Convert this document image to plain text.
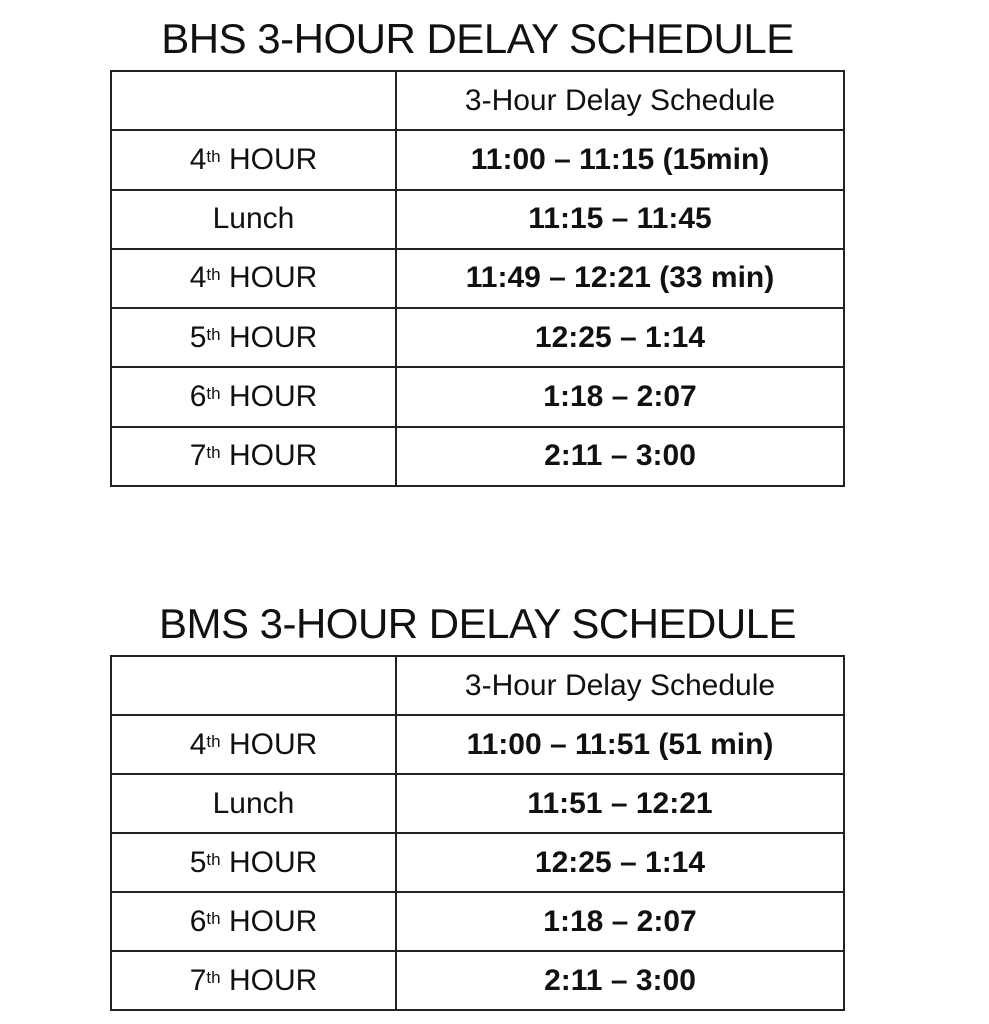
BHS 3-HOUR DELAY SCHEDULE
	3-Hour Delay Schedule
4th HOUR	11:00 – 11:15 (15min)
Lunch	11:15 – 11:45
4th HOUR	11:49 – 12:21 (33 min)
5th HOUR	12:25 – 1:14
6th HOUR	1:18 – 2:07
7th HOUR	2:11 – 3:00
BMS 3-HOUR DELAY SCHEDULE
	3-Hour Delay Schedule
4th HOUR	11:00 – 11:51 (51 min)
Lunch	11:51 – 12:21
5th HOUR	12:25 – 1:14
6th HOUR	1:18 – 2:07
7th HOUR	2:11 – 3:00
